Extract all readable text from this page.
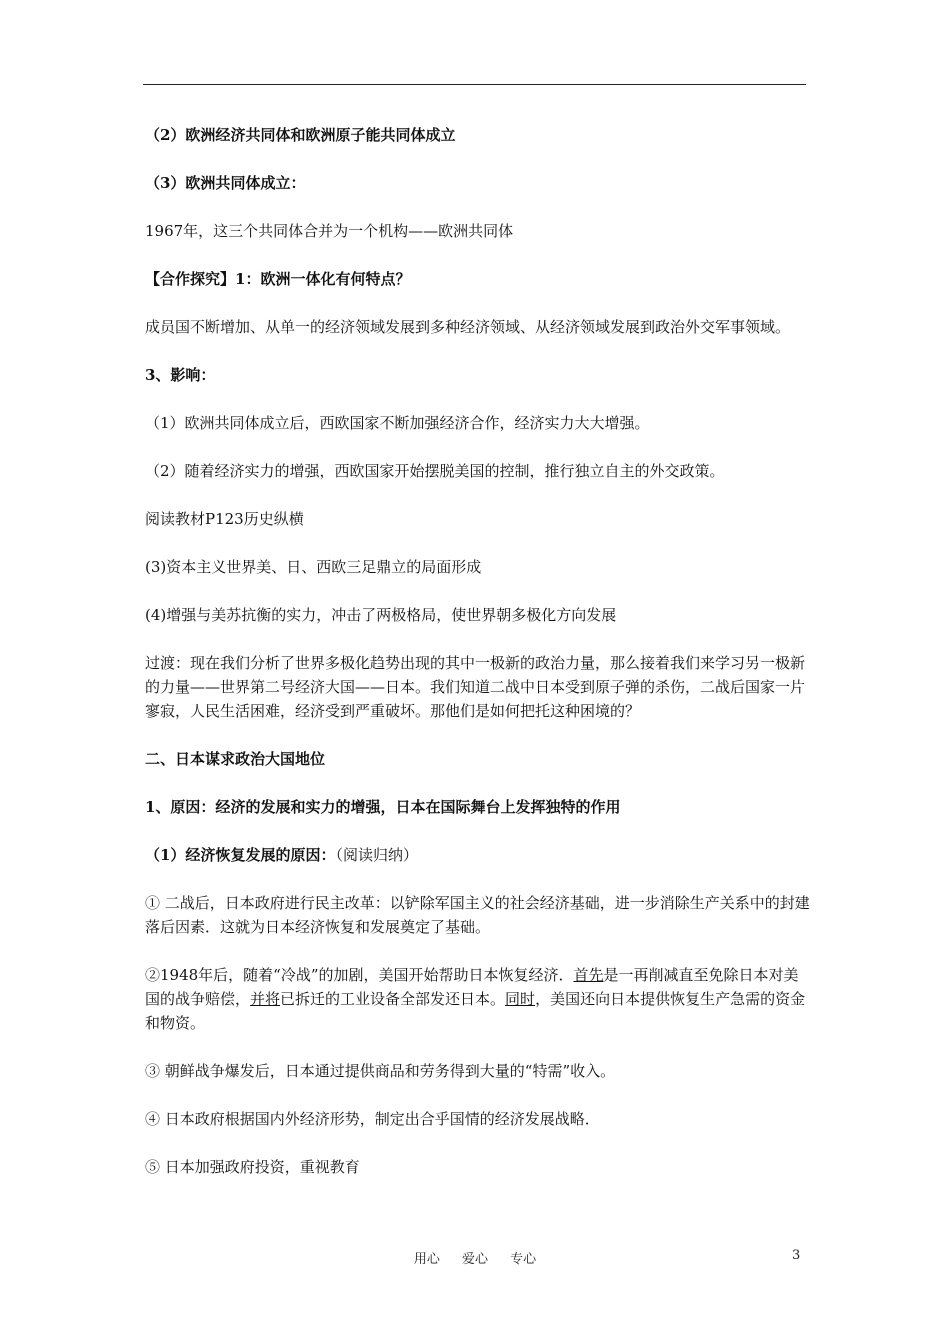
（2）欧洲经济共同体和欧洲原子能共同体成立
（3）欧洲共同体成立：
1967年，这三个共同体合并为一个机构——欧洲共同体
【合作探究】1：欧洲一体化有何特点？
成员国不断增加、从单一的经济领域发展到多种经济领域、从经济领域发展到政治外交军事领域。
3、影响：
（1）欧洲共同体成立后，西欧国家不断加强经济合作，经济实力大大增强。
（2）随着经济实力的增强，西欧国家开始摆脱美国的控制，推行独立自主的外交政策。
阅读教材P123历史纵横
(3)资本主义世界美、日、西欧三足鼎立的局面形成
(4)增强与美苏抗衡的实力，冲击了两极格局，使世界朝多极化方向发展
过渡：现在我们分析了世界多极化趋势出现的其中一极新的政治力量，那么接着我们来学习另一极新的力量——世界第二号经济大国——日本。我们知道二战中日本受到原子弹的杀伤，二战后国家一片寥寂，人民生活困难，经济受到严重破坏。那他们是如何把托这种困境的？
二、日本谋求政治大国地位
1、原因：经济的发展和实力的增强，日本在国际舞台上发挥独特的作用
（1）经济恢复发展的原因：（阅读归纳）
① 二战后，日本政府进行民主改革：以铲除军国主义的社会经济基础，进一步消除生产关系中的封建落后因素．这就为日本经济恢复和发展奠定了基础。
②1948年后，随着“冷战”的加剧，美国开始帮助日本恢复经济．首先是一再削减直至免除日本对美国的战争赔偿，并将已拆迁的工业设备全部发还日本。同时，美国还向日本提供恢复生产急需的资金和物资。
③ 朝鲜战争爆发后，日本通过提供商品和劳务得到大量的“特需”收入。
④ 日本政府根据国内外经济形势，制定出合乎国情的经济发展战略．
⑤ 日本加强政府投资，重视教育
用心 爱心 专心	3
